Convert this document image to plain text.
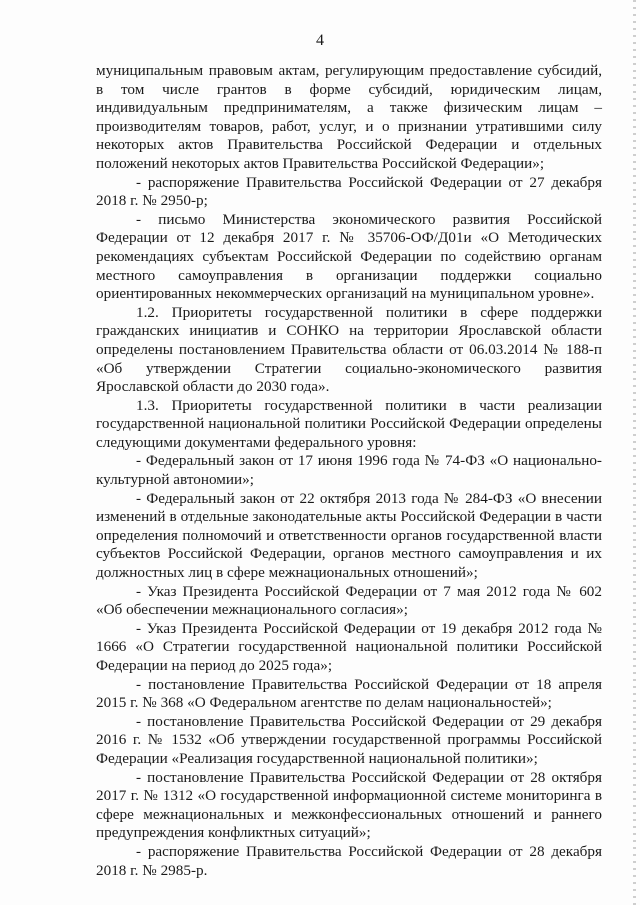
4

муниципальным правовым актам, регулирующим предоставление субсидий, в том числе грантов в форме субсидий, юридическим лицам, индивидуальным предпринимателям, а также физическим лицам – производителям товаров, работ, услуг, и о признании утратившими силу некоторых актов Правительства Российской Федерации и отдельных положений некоторых актов Правительства Российской Федерации»;

- распоряжение Правительства Российской Федерации от 27 декабря 2018 г. № 2950-р;

- письмо Министерства экономического развития Российской Федерации от 12 декабря 2017 г. № 35706-ОФ/Д01и «О Методических рекомендациях субъектам Российской Федерации по содействию органам местного самоуправления в организации поддержки социально ориентированных некоммерческих организаций на муниципальном уровне».

1.2. Приоритеты государственной политики в сфере поддержки гражданских инициатив и СОНКО на территории Ярославской области определены постановлением Правительства области от 06.03.2014 № 188-п «Об утверждении Стратегии социально-экономического развития Ярославской области до 2030 года».

1.3. Приоритеты государственной политики в части реализации государственной национальной политики Российской Федерации определены следующими документами федерального уровня:

- Федеральный закон от 17 июня 1996 года № 74-ФЗ «О национально-культурной автономии»;

- Федеральный закон от 22 октября 2013 года № 284-ФЗ «О внесении изменений в отдельные законодательные акты Российской Федерации в части определения полномочий и ответственности органов государственной власти субъектов Российской Федерации, органов местного самоуправления и их должностных лиц в сфере межнациональных отношений»;

- Указ Президента Российской Федерации от 7 мая 2012 года № 602 «Об обеспечении межнационального согласия»;

- Указ Президента Российской Федерации от 19 декабря 2012 года № 1666 «О Стратегии государственной национальной политики Российской Федерации на период до 2025 года»;

- постановление Правительства Российской Федерации от 18 апреля 2015 г. № 368 «О Федеральном агентстве по делам национальностей»;

- постановление Правительства Российской Федерации от 29 декабря 2016 г. № 1532 «Об утверждении государственной программы Российской Федерации «Реализация государственной национальной политики»;

- постановление Правительства Российской Федерации от 28 октября 2017 г. № 1312 «О государственной информационной системе мониторинга в сфере межнациональных и межконфессиональных отношений и раннего предупреждения конфликтных ситуаций»;

- распоряжение Правительства Российской Федерации от 28 декабря 2018 г. № 2985-р.
